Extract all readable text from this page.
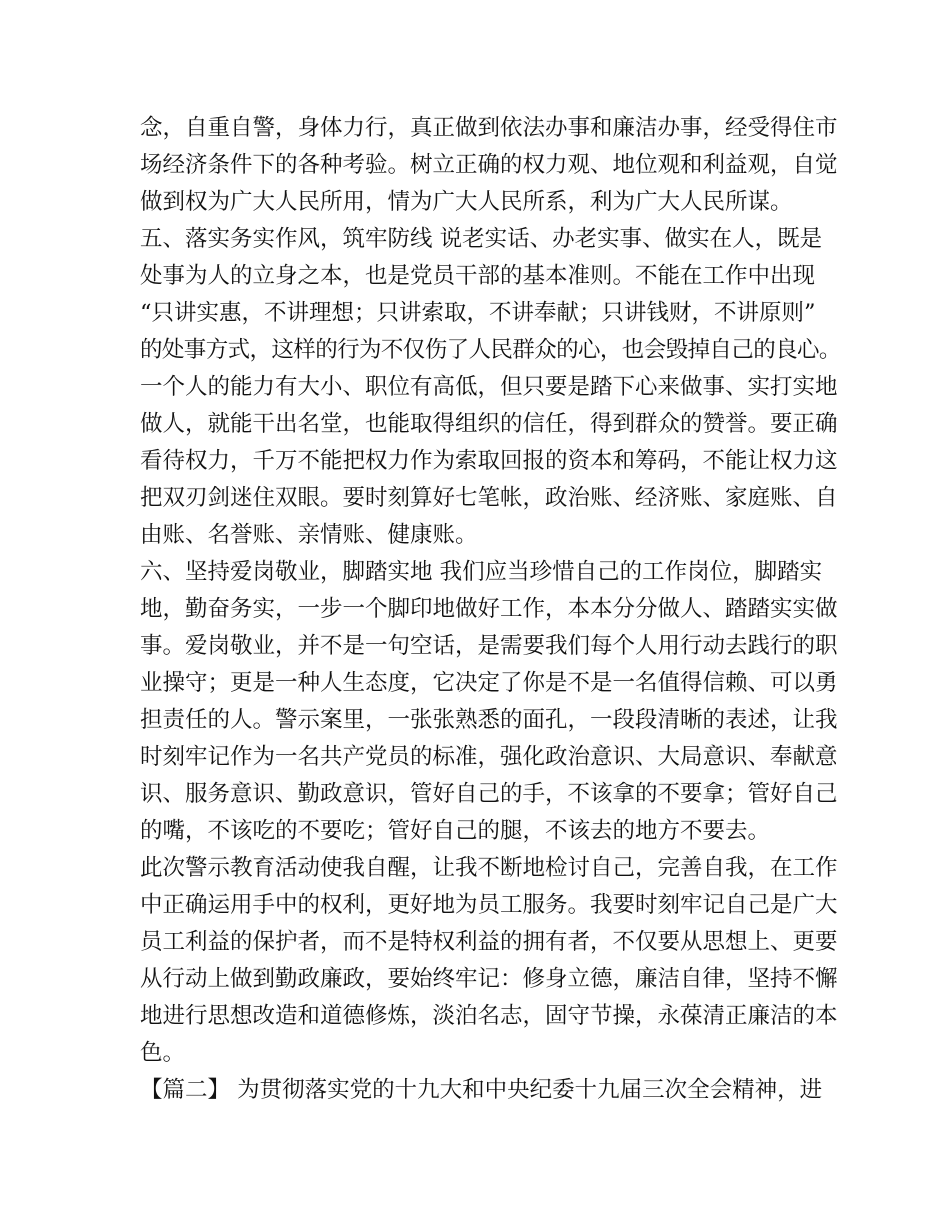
念，自重自警，身体力行，真正做到依法办事和廉洁办事，经受得住市
场经济条件下的各种考验。树立正确的权力观、地位观和利益观，自觉
做到权为广大人民所用，情为广大人民所系，利为广大人民所谋。
五、落实务实作风，筑牢防线 说老实话、办老实事、做实在人，既是
处事为人的立身之本，也是党员干部的基本准则。不能在工作中出现
“只讲实惠，不讲理想；只讲索取，不讲奉献；只讲钱财，不讲原则”
的处事方式，这样的行为不仅伤了人民群众的心，也会毁掉自己的良心。
一个人的能力有大小、职位有高低，但只要是踏下心来做事、实打实地
做人，就能干出名堂，也能取得组织的信任，得到群众的赞誉。要正确
看待权力，千万不能把权力作为索取回报的资本和筹码，不能让权力这
把双刃剑迷住双眼。要时刻算好七笔帐，政治账、经济账、家庭账、自
由账、名誉账、亲情账、健康账。
六、坚持爱岗敬业，脚踏实地 我们应当珍惜自己的工作岗位，脚踏实
地，勤奋务实，一步一个脚印地做好工作，本本分分做人、踏踏实实做
事。爱岗敬业，并不是一句空话，是需要我们每个人用行动去践行的职
业操守；更是一种人生态度，它决定了你是不是一名值得信赖、可以勇
担责任的人。警示案里，一张张熟悉的面孔，一段段清晰的表述，让我
时刻牢记作为一名共产党员的标准，强化政治意识、大局意识、奉献意
识、服务意识、勤政意识，管好自己的手，不该拿的不要拿；管好自己
的嘴，不该吃的不要吃；管好自己的腿，不该去的地方不要去。
此次警示教育活动使我自醒，让我不断地检讨自己，完善自我，在工作
中正确运用手中的权利，更好地为员工服务。我要时刻牢记自己是广大
员工利益的保护者，而不是特权利益的拥有者，不仅要从思想上、更要
从行动上做到勤政廉政，要始终牢记：修身立德，廉洁自律，坚持不懈
地进行思想改造和道德修炼，淡泊名志，固守节操，永葆清正廉洁的本
色。
【篇二】 为贯彻落实党的十九大和中央纪委十九届三次全会精神，进
